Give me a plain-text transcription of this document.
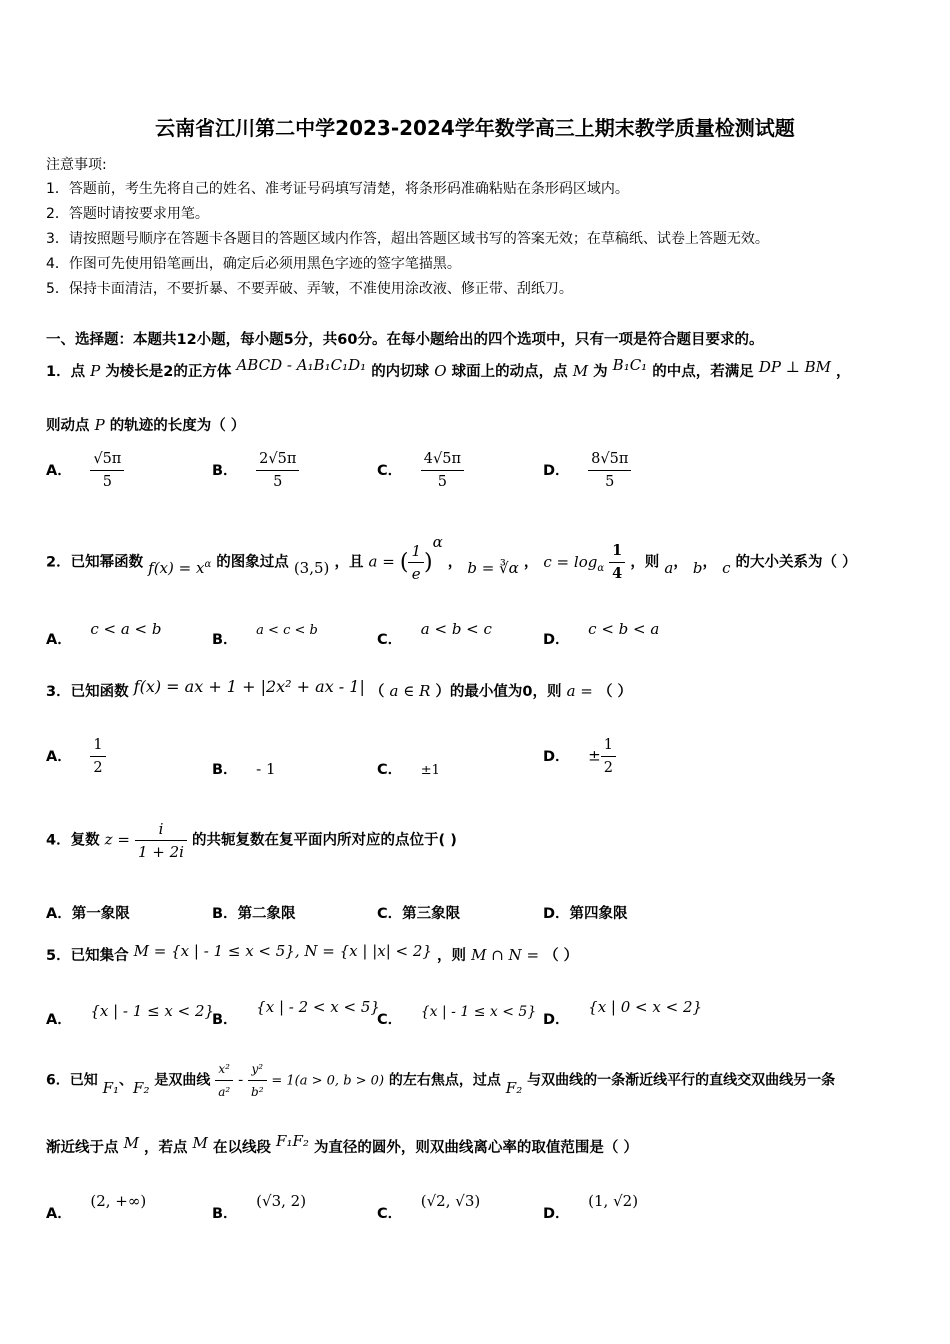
云南省江川第二中学2023-2024学年数学高三上期末教学质量检测试题
注意事项:
1．答题前，考生先将自己的姓名、准考证号码填写清楚，将条形码准确粘贴在条形码区域内。
2．答题时请按要求用笔。
3．请按照题号顺序在答题卡各题目的答题区域内作答，超出答题区域书写的答案无效；在草稿纸、试卷上答题无效。
4．作图可先使用铅笔画出，确定后必须用黑色字迹的签字笔描黑。
5．保持卡面清洁，不要折暴、不要弄破、弄皱，不准使用涂改液、修正带、刮纸刀。
一、选择题：本题共12小题，每小题5分，共60分。在每小题给出的四个选项中，只有一项是符合题目要求的。
1．点 P 为棱长是2的正方体 ABCD - A₁B₁C₁D₁ 的内切球 O 球面上的动点，点 M 为 B₁C₁ 的中点，若满足 DP ⊥ BM ，
则动点 P 的轨迹的长度为（ ）
A． $\frac{√5\pi}{5}$	B． $\frac{2√5\pi}{5}$	C． $\frac{4√5\pi}{5}$	D． $\frac{8√5\pi}{5}$
2．已知幂函数 $f(x) = x^\alpha$ 的图象过点 (3,5) ，且 a = ( $\frac{1}{e} )^\alpha$ ， b = ∛α ， $c = \log_\alpha \frac{1}{4}$ ，则 a， b， c 的大小关系为（ ）
A． c < a < b
B． a < c < b
C． a < b < c
D． c < b < a
3．已知函数 f(x) = ax + 1 + |2x² + ax - 1| （ a ∈ R ）的最小值为0，则 a = （ ）
A． $\frac{1}{2}$	B． - 1	C． ±1
D． ± $\frac{1}{2}$
4．复数 $z = \frac{i}{1 + 2i}$ 的共轭复数在复平面内所对应的点位于( )
A．第一象限	B．第二象限	C．第三象限	D．第四象限
5．已知集合 M = {x | - 1 ≤ x < 5}, N = {x | |x| < 2} ，则 M ∩ N = （ ）
A． {x | - 1 ≤ x < 2}
B． {x | - 2 < x < 5}
C． {x | - 1 ≤ x < 5} D． {x | 0 < x < 2}
6．已知 F₁、F₂ 是双曲线 $\frac{\text{x²}}{\text{a²}} - \frac{\text{y²}}{\text{b²}} = 1(a > 0$, b > 0) 的左右焦点，过点 F₂ 与双曲线的一条渐近线平行的直线交双曲线另一条
渐近线于点 M ，若点 M 在以线段 F₁F₂ 为直径的圆外，则双曲线离心率的取值范围是（ ）
A． (2, +∞)
B． (√3, 2)
C． (√2, √3)
D． (1, √2)
